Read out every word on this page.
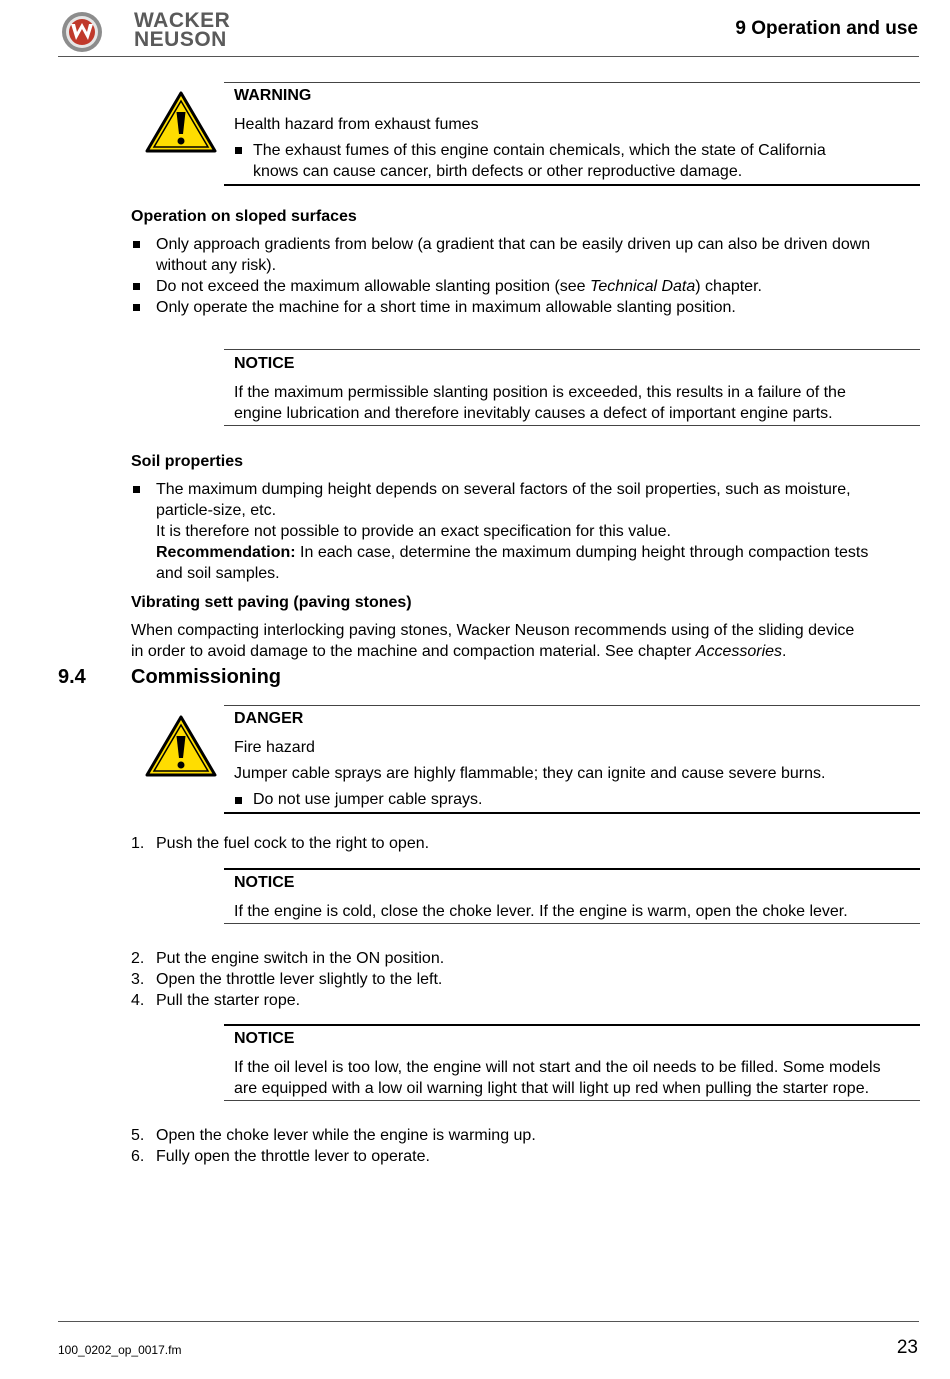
WACKER
NEUSON	9 Operation and use
WARNING
Health hazard from exhaust fumes
The exhaust fumes of this engine contain chemicals, which the state of California
knows can cause cancer, birth defects or other reproductive damage.
Operation on sloped surfaces
Only approach gradients from below (a gradient that can be easily driven up can also be driven down
without any risk).
Do not exceed the maximum allowable slanting position (see Technical Data) chapter.
Only operate the machine for a short time in maximum allowable slanting position.
NOTICE
If the maximum permissible slanting position is exceeded, this results in a failure of the
engine lubrication and therefore inevitably causes a defect of important engine parts.
Soil properties
The maximum dumping height depends on several factors of the soil properties, such as moisture,
particle-size, etc.
It is therefore not possible to provide an exact specification for this value.
Recommendation: In each case, determine the maximum dumping height through compaction tests
and soil samples.
Vibrating sett paving (paving stones)
When compacting interlocking paving stones, Wacker Neuson recommends using of the sliding device
in order to avoid damage to the machine and compaction material. See chapter Accessories.
9.4 Commissioning
DANGER
Fire hazard
Jumper cable sprays are highly flammable; they can ignite and cause severe burns.
Do not use jumper cable sprays.
1. Push the fuel cock to the right to open.
NOTICE
If the engine is cold, close the choke lever. If the engine is warm, open the choke lever.
2. Put the engine switch in the ON position.
3. Open the throttle lever slightly to the left.
4. Pull the starter rope.
NOTICE
If the oil level is too low, the engine will not start and the oil needs to be filled. Some models
are equipped with a low oil warning light that will light up red when pulling the starter rope.
5. Open the choke lever while the engine is warming up.
6. Fully open the throttle lever to operate.
100_0202_op_0017.fm	23
